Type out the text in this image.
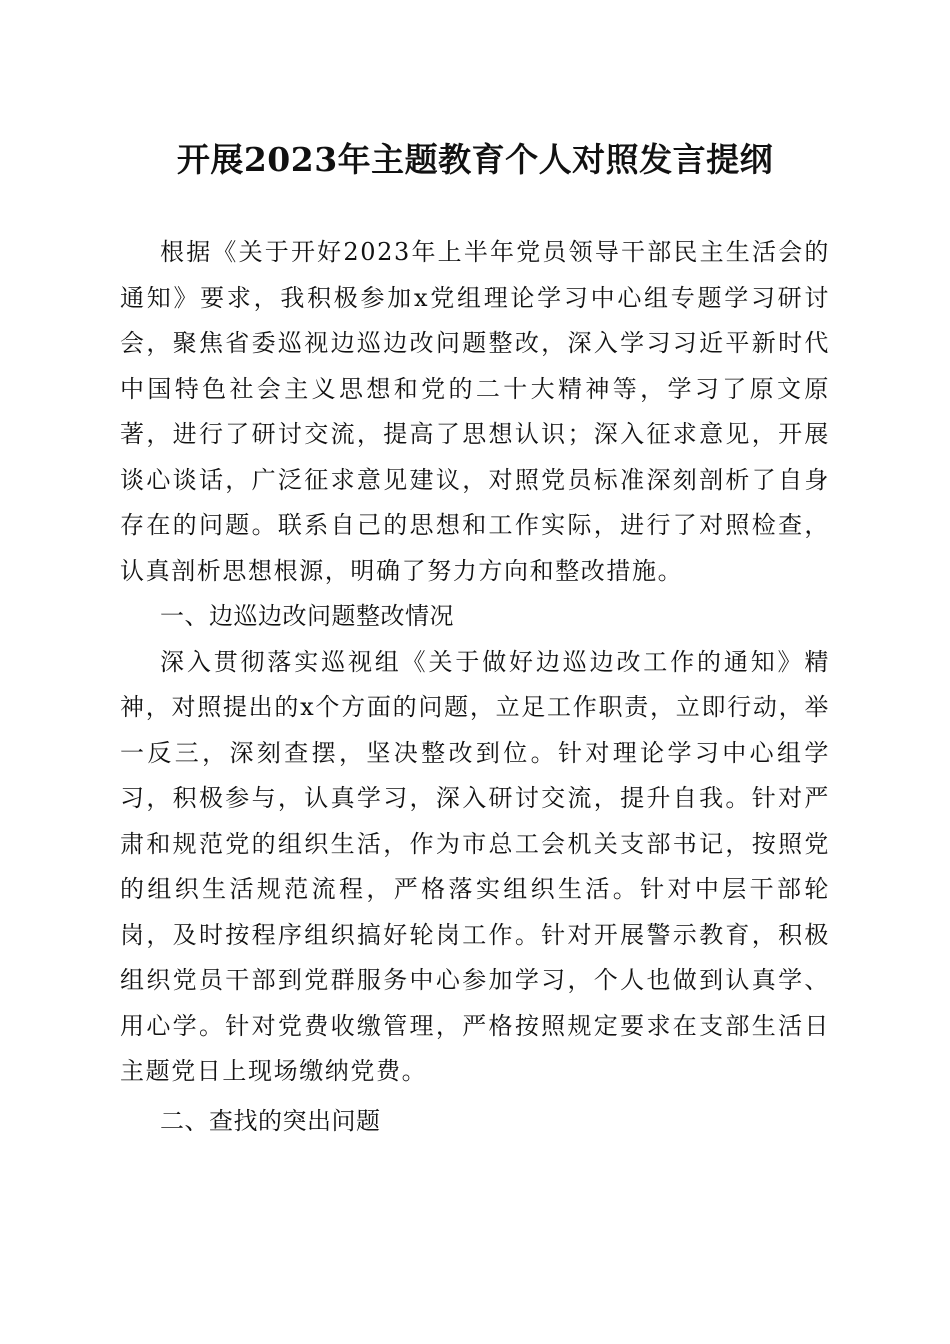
开展2023年主题教育个人对照发言提纲

根据《关于开好2023年上半年党员领导干部民主生活会的通知》要求，我积极参加x党组理论学习中心组专题学习研讨会，聚焦省委巡视边巡边改问题整改，深入学习习近平新时代中国特色社会主义思想和党的二十大精神等，学习了原文原著，进行了研讨交流，提高了思想认识；深入征求意见，开展谈心谈话，广泛征求意见建议，对照党员标准深刻剖析了自身存在的问题。联系自己的思想和工作实际，进行了对照检查，认真剖析思想根源，明确了努力方向和整改措施。

一、边巡边改问题整改情况

深入贯彻落实巡视组《关于做好边巡边改工作的通知》精神，对照提出的x个方面的问题，立足工作职责，立即行动，举一反三，深刻查摆，坚决整改到位。针对理论学习中心组学习，积极参与，认真学习，深入研讨交流，提升自我。针对严肃和规范党的组织生活，作为市总工会机关支部书记，按照党的组织生活规范流程，严格落实组织生活。针对中层干部轮岗，及时按程序组织搞好轮岗工作。针对开展警示教育，积极组织党员干部到党群服务中心参加学习，个人也做到认真学、用心学。针对党费收缴管理，严格按照规定要求在支部生活日主题党日上现场缴纳党费。

二、查找的突出问题
